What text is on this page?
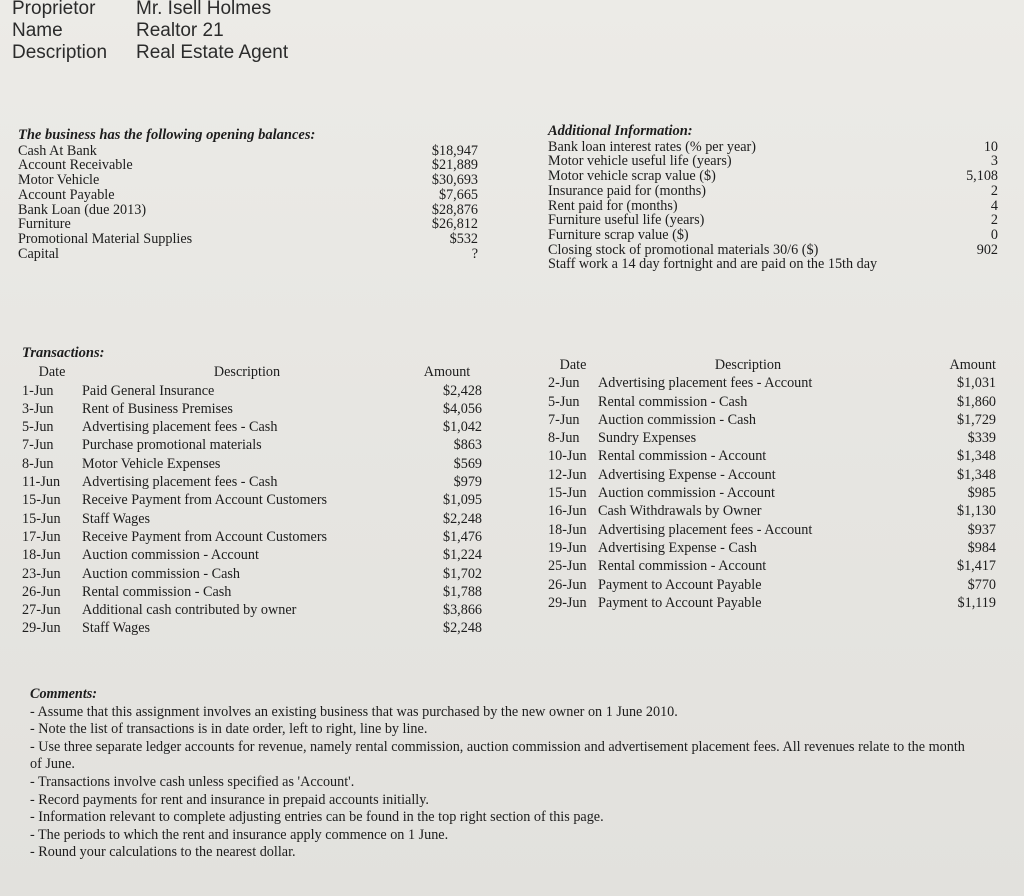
Proprietor	Mr. Isell Holmes
Name	Realtor 21
Description	Real Estate Agent
The business has the following opening balances:
Cash At Bank	$18,947
Account Receivable	$21,889
Motor Vehicle	$30,693
Account Payable	$7,665
Bank Loan (due 2013)	$28,876
Furniture	$26,812
Promotional Material Supplies	$532
Capital	?
Additional Information:
Bank loan interest rates (% per year)	10
Motor vehicle useful life (years)	3
Motor vehicle scrap value ($)	5,108
Insurance paid for (months)	2
Rent paid for (months)	4
Furniture useful life (years)	2
Furniture scrap value ($)	0
Closing stock of promotional materials 30/6 ($)	902
Staff work a 14 day fortnight and are paid on the 15th day
Transactions:
Date	Description	Amount
1-Jun	Paid General Insurance	$2,428
3-Jun	Rent of Business Premises	$4,056
5-Jun	Advertising placement fees - Cash	$1,042
7-Jun	Purchase promotional materials	$863
8-Jun	Motor Vehicle Expenses	$569
11-Jun	Advertising placement fees - Cash	$979
15-Jun	Receive Payment from Account Customers	$1,095
15-Jun	Staff Wages	$2,248
17-Jun	Receive Payment from Account Customers	$1,476
18-Jun	Auction commission - Account	$1,224
23-Jun	Auction commission - Cash	$1,702
26-Jun	Rental commission - Cash	$1,788
27-Jun	Additional cash contributed by owner	$3,866
29-Jun	Staff Wages	$2,248
Date	Description	Amount
2-Jun	Advertising placement fees - Account	$1,031
5-Jun	Rental commission - Cash	$1,860
7-Jun	Auction commission - Cash	$1,729
8-Jun	Sundry Expenses	$339
10-Jun Rental commission - Account	$1,348
12-Jun Advertising Expense - Account	$1,348
15-Jun Auction commission - Account	$985
16-Jun Cash Withdrawals by Owner	$1,130
18-Jun Advertising placement fees - Account	$937
19-Jun Advertising Expense - Cash	$984
25-Jun Rental commission - Account	$1,417
26-Jun Payment to Account Payable	$770
29-Jun Payment to Account Payable	$1,119
Comments:
- Assume that this assignment involves an existing business that was purchased by the new owner on 1 June 2010.
- Note the list of transactions is in date order, left to right, line by line.
- Use three separate ledger accounts for revenue, namely rental commission, auction commission and advertisement placement fees. All revenues relate to the month of June.
- Transactions involve cash unless specified as 'Account'.
- Record payments for rent and insurance in prepaid accounts initially.
- Information relevant to complete adjusting entries can be found in the top right section of this page.
- The periods to which the rent and insurance apply commence on 1 June.
- Round your calculations to the nearest dollar.
